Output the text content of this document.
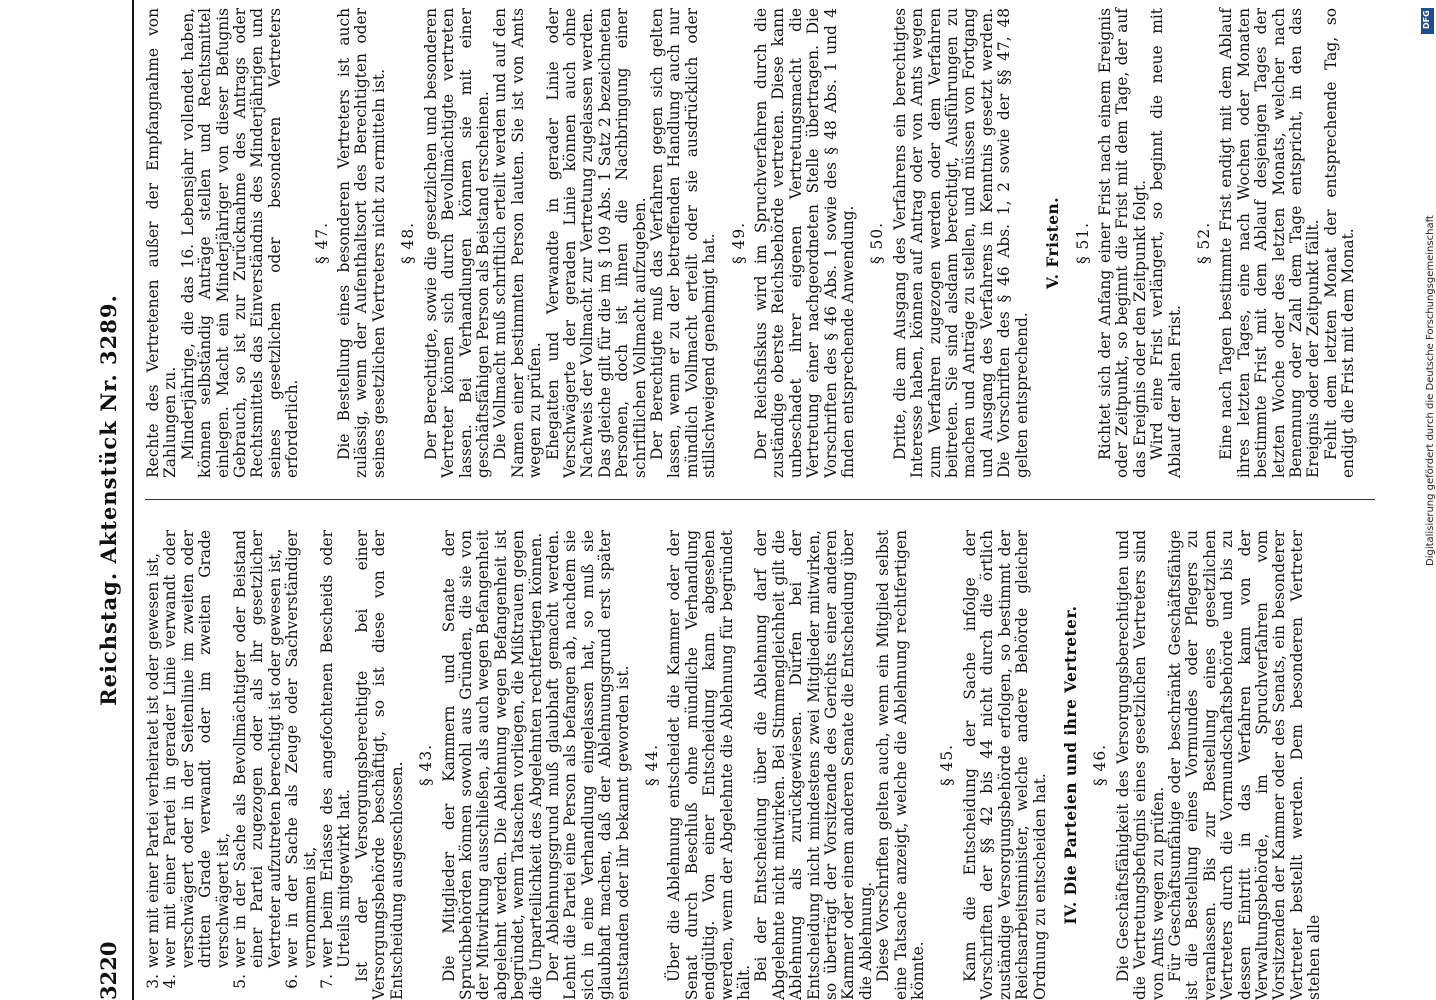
3220
Reichstag. Aktenstück Nr. 3289.
3.
wer mit einer Partei verheiratet ist oder gewesen ist,
4.
wer mit einer Partei in gerader Linie verwandt oder verschwägert oder in der Seitenlinie im zweiten oder dritten Grade verwandt oder im zweiten Grade verschwägert ist,
5.
wer in der Sache als Bevollmächtigter oder Beistand einer Partei zugezogen oder als ihr gesetzlicher Vertreter aufzutreten berechtigt ist oder gewesen ist,
6.
wer in der Sache als Zeuge oder Sachverständiger vernommen ist,
7.
wer beim Erlasse des angefochtenen Bescheids oder Urteils mitgewirkt hat. Ist der Versorgungsberechtigte bei einer Versorgungsbehörde beschäftigt, so ist diese von der Entscheidung ausgeschlossen. § 43. Die Mitglieder der Kammern und Senate der Spruchbehörden können sowohl aus Gründen, die sie von der Mitwirkung ausschließen, als auch wegen Befangenheit abgelehnt werden. Die Ablehnung wegen Befangenheit ist begründet, wenn Tatsachen vorliegen, die Mißtrauen gegen die Unparteilichkeit des Abgelehnten rechtfertigen können. Der Ablehnungsgrund muß glaubhaft gemacht werden. Lehnt die Partei eine Person als befangen ab, nachdem sie sich in eine Verhandlung eingelassen hat, so muß sie glaubhaft machen, daß der Ablehnungsgrund erst später entstanden oder ihr bekannt geworden ist. § 44. Über die Ablehnung entscheidet die Kammer oder der Senat durch Beschluß ohne mündliche Verhandlung endgültig. Von einer Entscheidung kann abgesehen werden, wenn der Abgelehnte die Ablehnung für begründet hält.

Bei der Entscheidung über die Ablehnung darf der Abgelehnte nicht mitwirken. Bei Stimmengleichheit gilt die Ablehnung als zurückgewiesen. Dürfen bei der Entscheidung nicht mindestens zwei Mitglieder mitwirken, so überträgt der Vorsitzende des Gerichts einer anderen Kammer oder einem anderen Senate die Entscheidung über die Ablehnung. Diese Vorschriften gelten auch, wenn ein Mitglied selbst eine Tatsache anzeigt, welche die Ablehnung rechtfertigen könnte.

§ 45. Kann die Entscheidung der Sache infolge der Vorschriften der §§ 42 bis 44 nicht durch die örtlich zuständige Versorgungsbehörde erfolgen, so bestimmt der Reichsarbeitsminister, welche andere Behörde gleicher Ordnung zu entscheiden hat. IV. Die Parteien und ihre Vertreter. § 46. Die Geschäftsfähigkeit des Versorgungsberechtigten und die Vertretungsbefugnis eines gesetzlichen Vertreters sind von Amts wegen zu prüfen. Für Geschäftsunfähige oder beschränkt Geschäftsfähige ist die Bestellung eines Vormundes oder Pflegers zu veranlassen. Bis zur Bestellung eines gesetzlichen Vertreters durch die Vormundschaftsbehörde und bis zu dessen Eintritt in das Verfahren kann von der Verwaltungsbehörde, im Spruchverfahren vom Vorsitzenden der Kammer oder des Senats, ein besonderer Vertreter bestellt werden. Dem besonderen Vertreter stehen alle

Rechte des Vertretenen außer der Empfangnahme von Zahlungen zu. Minderjährige, die das 16. Lebensjahr vollendet haben, können selbständig Anträge stellen und Rechtsmittel einlegen. Macht ein Minderjähriger von dieser Befugnis Gebrauch, so ist zur Zurücknahme des Antrags oder Rechtsmittels das Einverständnis des Minderjährigen und seines gesetzlichen oder besonderen Vertreters erforderlich.

§ 47. Die Bestellung eines besonderen Vertreters ist auch zulässig, wenn der Aufenthaltsort des Berechtigten oder seines gesetzlichen Vertreters nicht zu ermitteln ist. § 48. Der Berechtigte, sowie die gesetzlichen und besonderen Vertreter können sich durch Bevollmächtigte vertreten lassen. Bei Verhandlungen können sie mit einer geschäftsfähigen Person als Beistand erscheinen. Die Vollmacht muß schriftlich erteilt werden und auf den Namen einer bestimmten Person lauten. Sie ist von Amts wegen zu prüfen. Ehegatten und Verwandte in gerader Linie oder Verschwägerte der geraden Linie können auch ohne Nachweis der Vollmacht zur Vertretung zugelassen werden. Das gleiche gilt für die im § 109 Abs. 1 Satz 2 bezeichneten Personen, doch ist ihnen die Nachbringung einer schriftlichen Vollmacht aufzugeben. Der Berechtigte muß das Verfahren gegen sich gelten lassen, wenn er zu der betreffenden Handlung auch nur mündlich Vollmacht erteilt oder sie ausdrücklich oder stillschweigend genehmigt hat. § 49. Der Reichsfiskus wird im Spruchverfahren durch die zuständige oberste Reichsbehörde vertreten. Diese kann unbeschadet ihrer eigenen Vertretungsmacht die Vertretung einer nachgeordneten Stelle übertragen. Die Vorschriften des § 46 Abs. 1 sowie des § 48 Abs. 1 und 4 finden entsprechende Anwendung. § 50. Dritte, die am Ausgang des Verfahrens ein berechtigtes Interesse haben, können auf Antrag oder von Amts wegen zum Verfahren zugezogen werden oder dem Verfahren beitreten. Sie sind alsdann berechtigt, Ausführungen zu machen und Anträge zu stellen, und müssen von Fortgang und Ausgang des Verfahrens in Kenntnis gesetzt werden. Die Vorschriften des § 46 Abs. 1, 2 sowie der §§ 47, 48 gelten entsprechend.

V. Fristen. § 51. Richtet sich der Anfang einer Frist nach einem Ereignis oder Zeitpunkt, so beginnt die Frist mit dem Tage, der auf das Ereignis oder den Zeitpunkt folgt. Wird eine Frist verlängert, so beginnt die neue mit Ablauf der alten Frist.

§ 52. Eine nach Tagen bestimmte Frist endigt mit dem Ablauf ihres letzten Tages, eine nach Wochen oder Monaten bestimmte Frist mit dem Ablauf desjenigen Tages der letzten Woche oder des letzten Monats, welcher nach Benennung oder Zahl dem Tage entspricht, in den das Ereignis oder der Zeitpunkt fällt. Fehlt dem letzten Monat der entsprechende Tag, so endigt die Frist mit dem Monat.

DFG
Digitalisierung gefördert durch die Deutsche Forschungsgemeinschaft
